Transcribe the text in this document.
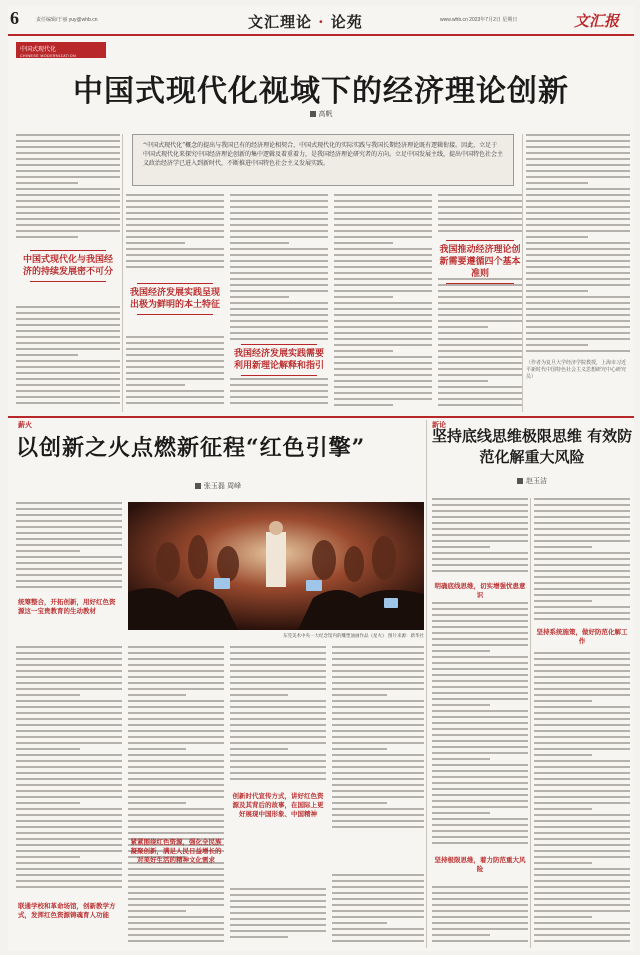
6	责任编辑/于丽 yuy@whb.cn	文汇理论 · 论苑	www.whb.cn 2023年7月2日 星期日	文汇报
中国式现代化
CHINESE MODERNIZATION
中国式现代化视域下的经济理论创新
高帆
“中国式现代化”概念的提出与我国已有的经济理论相契合，中国式现代化的实际实践与我国长期经济理论既有逻辑衔接。因此，立足于中国式现代化来探究中国经济理论创新的集中逻辑及着重着力，是我国经济理论研究者的方向。立足中国发展主线，提出中国特色社会主义政治经济学已进入到新时代，不断推进中国特色社会主义发展实践。
中国式现代化与我国经济的持续发展密不可分
我国经济发展实践呈现出极为鲜明的本土特征
我国经济发展实践需要利用新理论解释和指引
我国推动经济理论创新需要遵循四个基本准则
（作者为复旦大学经济学院教授，上海市习近平新时代中国特色社会主义思想研究中心研究员）
薪火
以创新之火点燃新征程“红色引擎”
张玉磊 周峰
东莞美术中央一大纪念馆内的雕塑油画作品《星火》 图片来源：新华社
统筹整合，开拓创新，用好红色资源这一宝贵教育的生动教材
创新时代宣传方式，讲好红色资源及其背后的故事，在国际上更好展现中国形象、中国精神
紧紧围绕红色资源，强化全民族凝聚创新，满足人民日益增长的对美好生活的精神文化需求
联通学校和革命场馆，创新教学方式，发挥红色资源铸魂育人功能
新论
坚持底线思维极限思维 有效防范化解重大风险
赵玉洁
明确底线思维，切实增强忧患意识
坚持系统施策，做好防范化解工作
坚持极限思维，着力防范重大风险
